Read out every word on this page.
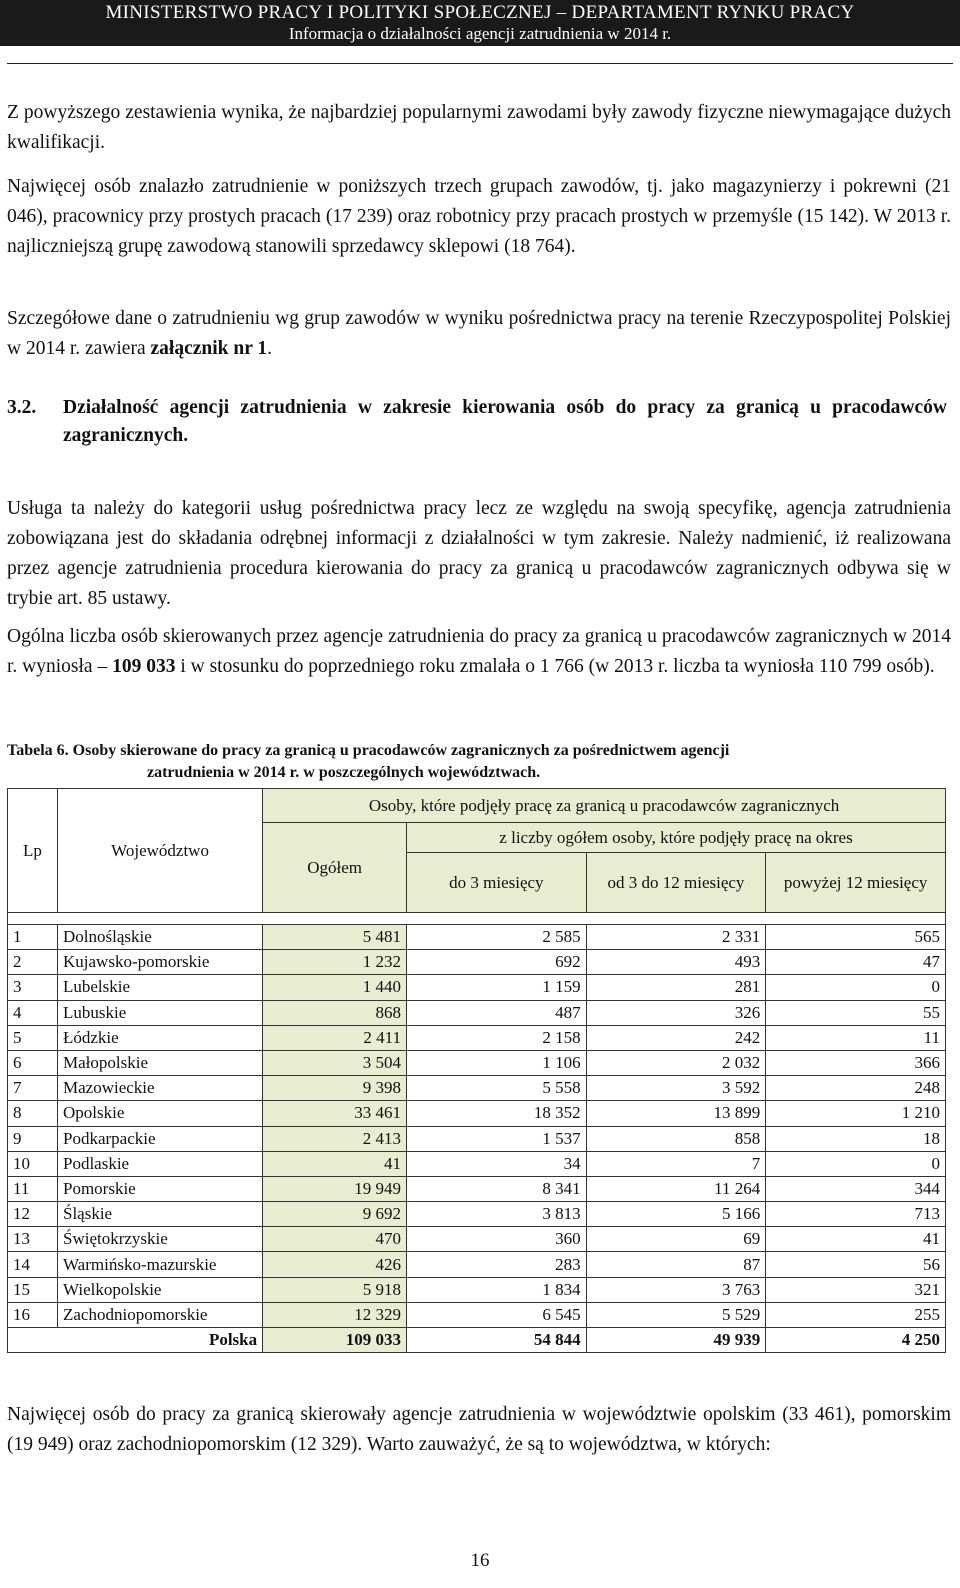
MINISTERSTWO PRACY I POLITYKI SPOŁECZNEJ – DEPARTAMENT RYNKU PRACY
Informacja o działalności agencji zatrudnienia w 2014 r.
Z powyższego zestawienia wynika, że najbardziej popularnymi zawodami były zawody fizyczne niewymagające dużych kwalifikacji.
Najwięcej osób znalazło zatrudnienie w poniższych trzech grupach zawodów, tj. jako magazynierzy i pokrewni (21 046), pracownicy przy prostych pracach (17 239) oraz robotnicy przy pracach prostych w przemyśle (15 142). W 2013 r. najliczniejszą grupę zawodową stanowili sprzedawcy sklepowi (18 764).
Szczegółowe dane o zatrudnieniu wg grup zawodów w wyniku pośrednictwa pracy na terenie Rzeczypospolitej Polskiej w 2014 r. zawiera załącznik nr 1.
3.2. Działalność agencji zatrudnienia w zakresie kierowania osób do pracy za granicą u pracodawców zagranicznych.
Usługa ta należy do kategorii usług pośrednictwa pracy lecz ze względu na swoją specyfikę, agencja zatrudnienia zobowiązana jest do składania odrębnej informacji z działalności w tym zakresie. Należy nadmienić, iż realizowana przez agencje zatrudnienia procedura kierowania do pracy za granicą u pracodawców zagranicznych odbywa się w trybie art. 85 ustawy.
Ogólna liczba osób skierowanych przez agencje zatrudnienia do pracy za granicą u pracodawców zagranicznych w 2014 r. wyniosła – 109 033 i w stosunku do poprzedniego roku zmalała o 1 766 (w 2013 r. liczba ta wyniosła 110 799 osób).
Tabela 6. Osoby skierowane do pracy za granicą u pracodawców zagranicznych za pośrednictwem agencji
zatrudnienia w 2014 r. w poszczególnych województwach.
Lp	Województwo	Osoby, które podjęły pracę za granicą u pracodawców zagranicznych			
		Ogółem	z liczby ogółem osoby, które podjęły pracę na okres		
			do 3 miesięcy	od 3 do 12 miesięcy	powyżej 12 miesięcy

1	Dolnośląskie	5 481	2 585	2 331	565
2	Kujawsko-pomorskie	1 232	692	493	47
3	Lubelskie	1 440	1 159	281	0
4	Lubuskie	868	487	326	55
5	Łódzkie	2 411	2 158	242	11
6	Małopolskie	3 504	1 106	2 032	366
7	Mazowieckie	9 398	5 558	3 592	248
8	Opolskie	33 461	18 352	13 899	1 210
9	Podkarpackie	2 413	1 537	858	18
10	Podlaskie	41	34	7	0
11	Pomorskie	19 949	8 341	11 264	344
12	Śląskie	9 692	3 813	5 166	713
13	Świętokrzyskie	470	360	69	41
14	Warmińsko-mazurskie	426	283	87	56
15	Wielkopolskie	5 918	1 834	3 763	321
16	Zachodniopomorskie	12 329	6 545	5 529	255
Polska		109 033	54 844	49 939	4 250
Najwięcej osób do pracy za granicą skierowały agencje zatrudnienia w województwie opolskim (33 461), pomorskim (19 949) oraz zachodniopomorskim (12 329). Warto zauważyć, że są to województwa, w których:
16
